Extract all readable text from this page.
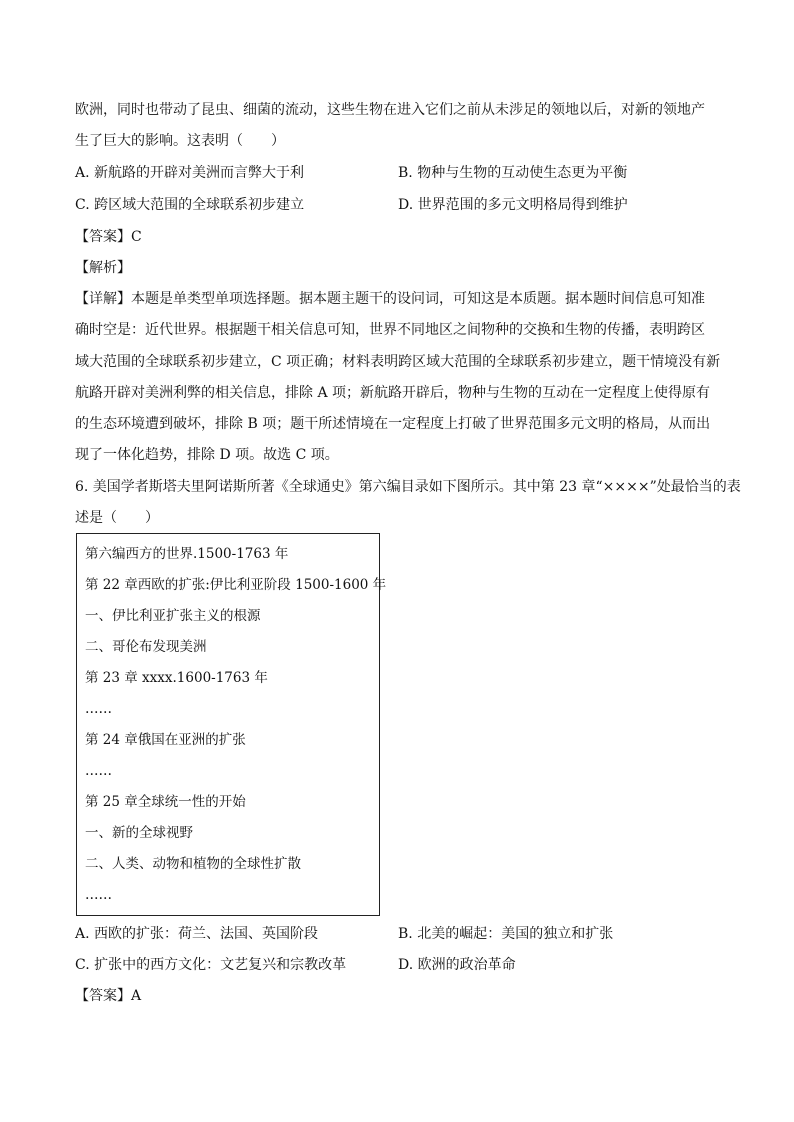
欧洲，同时也带动了昆虫、细菌的流动，这些生物在进入它们之前从未涉足的领地以后，对新的领地产
生了巨大的影响。这表明（　　）
A. 新航路的开辟对美洲而言弊大于利	B. 物种与生物的互动使生态更为平衡
C. 跨区域大范围的全球联系初步建立	D. 世界范围的多元文明格局得到维护
【答案】C
【解析】
【详解】本题是单类型单项选择题。据本题主题干的设问词，可知这是本质题。据本题时间信息可知准
确时空是：近代世界。根据题干相关信息可知，世界不同地区之间物种的交换和生物的传播，表明跨区
域大范围的全球联系初步建立，C 项正确；材料表明跨区域大范围的全球联系初步建立，题干情境没有新
航路开辟对美洲利弊的相关信息，排除 A 项；新航路开辟后，物种与生物的互动在一定程度上使得原有
的生态环境遭到破坏，排除 B 项；题干所述情境在一定程度上打破了世界范围多元文明的格局，从而出
现了一体化趋势，排除 D 项。故选 C 项。
6. 美国学者斯塔夫里阿诺斯所著《全球通史》第六编目录如下图所示。其中第 23 章“××××”处最恰当的表
述是（　　）
第六编西方的世界.1500-1763 年
第 22 章西欧的扩张:伊比利亚阶段 1500-1600 年
一、伊比利亚扩张主义的根源
二、哥伦布发现美洲
第 23 章 xxxx.1600-1763 年
……
第 24 章俄国在亚洲的扩张
……
第 25 章全球统一性的开始
一、新的全球视野
二、人类、动物和植物的全球性扩散
……
A. 西欧的扩张：荷兰、法国、英国阶段	B. 北美的崛起：美国的独立和扩张
C. 扩张中的西方文化：文艺复兴和宗教改革	D. 欧洲的政治革命
【答案】A
